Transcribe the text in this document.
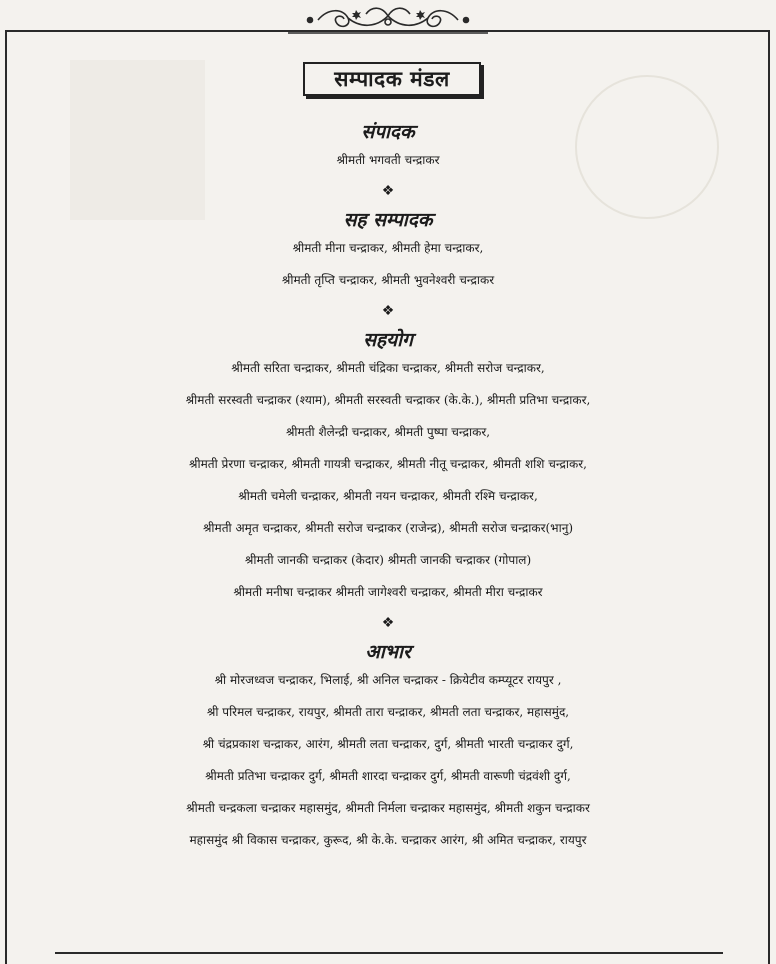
सम्पादक मंडल

संपादक

श्रीमती भगवती चन्द्राकर

❖

सह सम्पादक

श्रीमती मीना चन्द्राकर, श्रीमती हेमा चन्द्राकर,

श्रीमती तृप्ति चन्द्राकर, श्रीमती भुवनेश्वरी चन्द्राकर

❖

सहयोग

श्रीमती सरिता चन्द्राकर, श्रीमती चंद्रिका चन्द्राकर, श्रीमती सरोज चन्द्राकर,

श्रीमती सरस्वती चन्द्राकर (श्याम), श्रीमती सरस्वती चन्द्राकर (के.के.), श्रीमती प्रतिभा चन्द्राकर,

श्रीमती शैलेन्द्री चन्द्राकर, श्रीमती पुष्पा चन्द्राकर,

श्रीमती प्रेरणा चन्द्राकर, श्रीमती गायत्री चन्द्राकर, श्रीमती नीतू चन्द्राकर, श्रीमती शशि चन्द्राकर,

श्रीमती चमेली चन्द्राकर, श्रीमती नयन चन्द्राकर, श्रीमती रश्मि चन्द्राकर,

श्रीमती अमृत चन्द्राकर, श्रीमती सरोज चन्द्राकर (राजेन्द्र), श्रीमती सरोज चन्द्राकर(भानु)

श्रीमती जानकी चन्द्राकर (केदार) श्रीमती जानकी चन्द्राकर (गोपाल)

श्रीमती मनीषा चन्द्राकर श्रीमती जागेश्वरी चन्द्राकर, श्रीमती मीरा चन्द्राकर

❖

आभार

श्री मोरजध्वज चन्द्राकर, भिलाई, श्री अनिल चन्द्राकर - क्रियेटीव कम्प्यूटर रायपुर ,

श्री परिमल चन्द्राकर, रायपुर, श्रीमती तारा चन्द्राकर, श्रीमती लता चन्द्राकर, महासमुंद,

श्री चंद्रप्रकाश चन्द्राकर, आरंग, श्रीमती लता चन्द्राकर, दुर्ग, श्रीमती भारती चन्द्राकर दुर्ग,

श्रीमती प्रतिभा चन्द्राकर दुर्ग, श्रीमती शारदा चन्द्राकर दुर्ग, श्रीमती वारूणी चंद्रवंशी दुर्ग,

श्रीमती चन्द्रकला चन्द्राकर महासमुंद, श्रीमती निर्मला चन्द्राकर महासमुंद, श्रीमती शकुन चन्द्राकर

महासमुंद श्री विकास चन्द्राकर, कुरूद, श्री के.के. चन्द्राकर आरंग, श्री अमित चन्द्राकर, रायपुर
